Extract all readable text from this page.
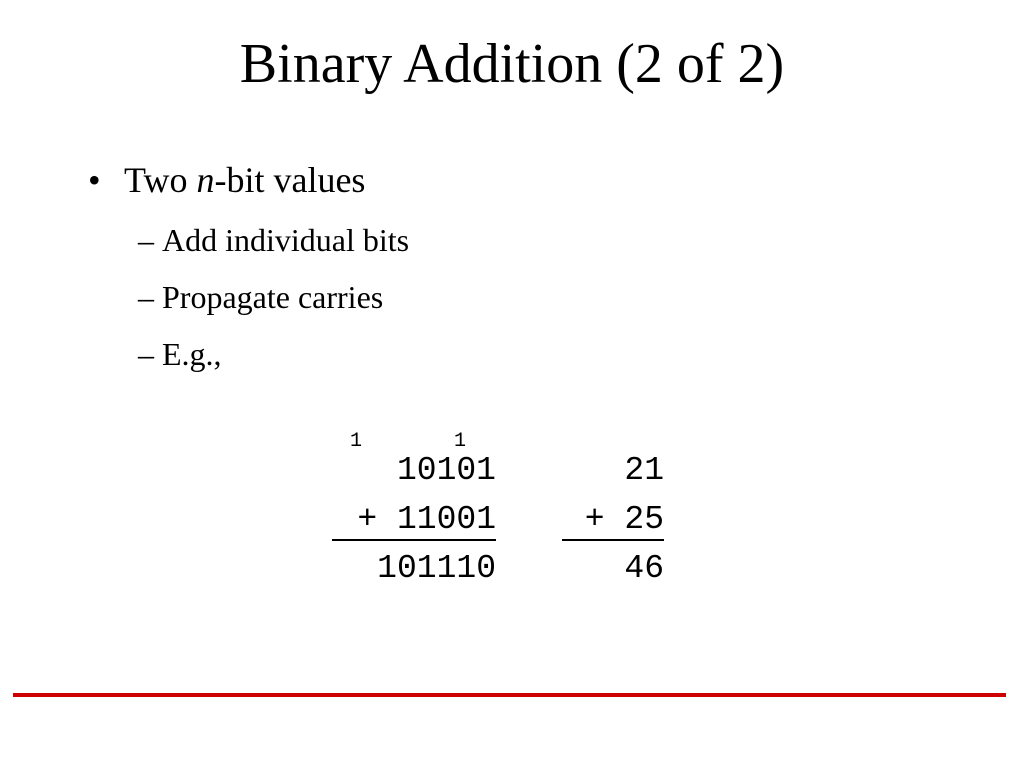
Binary Addition (2 of 2)
• Two n-bit values
– Add individual bits
– Propagate carries
– E.g.,
1	1
10101
+ 11001
101110
21
+ 25
46
